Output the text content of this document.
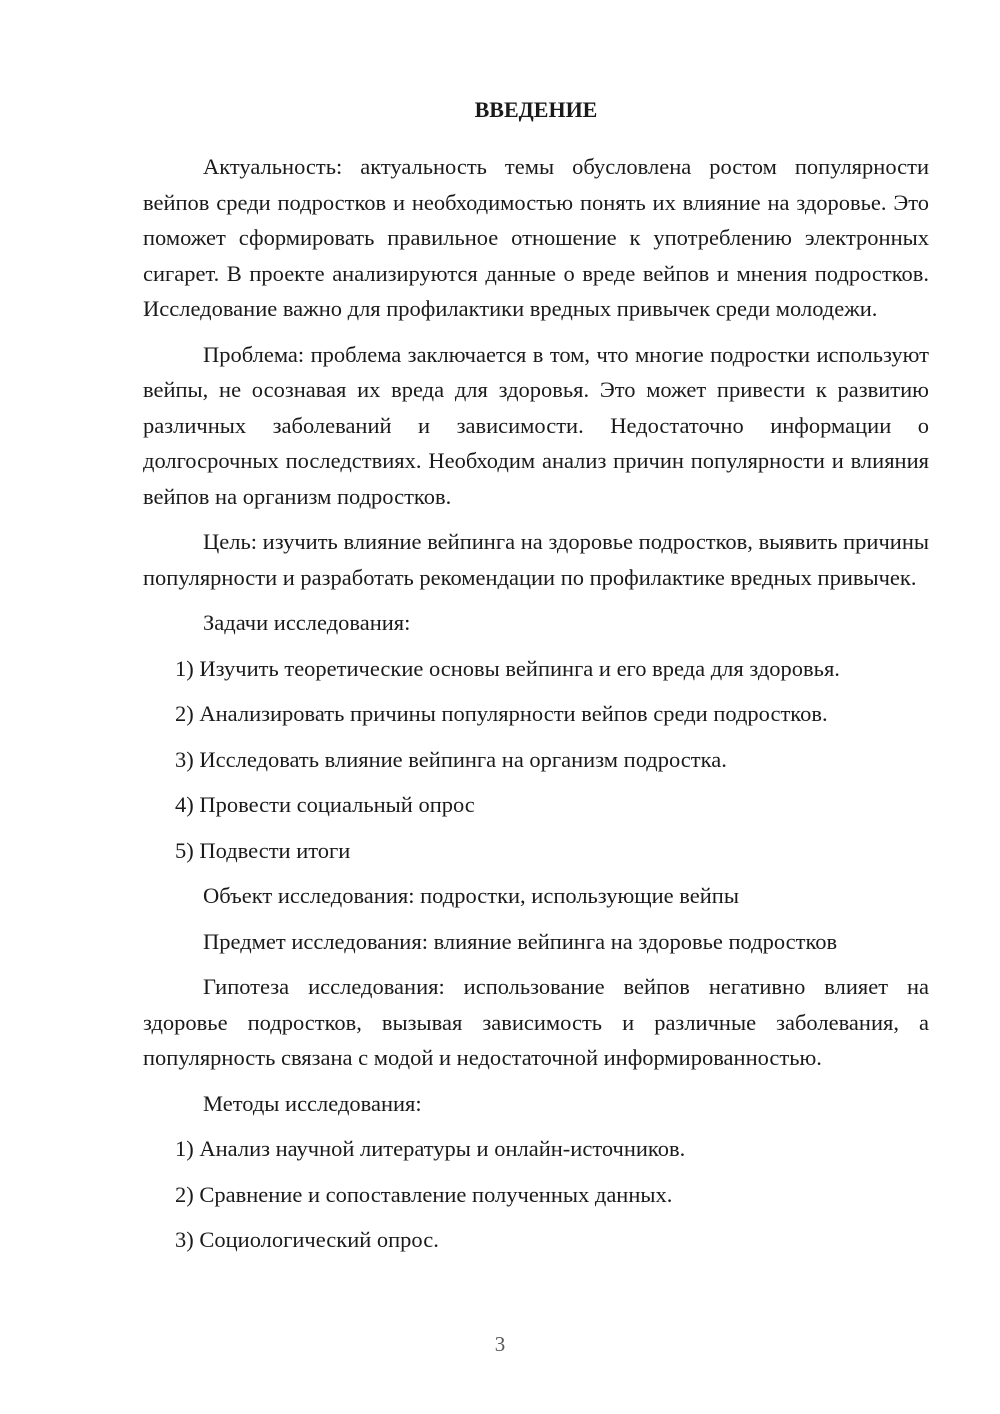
ВВЕДЕНИЕ

Актуальность: актуальность темы обусловлена ростом популярности вейпов среди подростков и необходимостью понять их влияние на здоровье. Это поможет сформировать правильное отношение к употреблению электронных сигарет. В проекте анализируются данные о вреде вейпов и мнения подростков. Исследование важно для профилактики вредных привычек среди молодежи.

Проблема: проблема заключается в том, что многие подростки используют вейпы, не осознавая их вреда для здоровья. Это может привести к развитию различных заболеваний и зависимости. Недостаточно информации о долгосрочных последствиях. Необходим анализ причин популярности и влияния вейпов на организм подростков.

Цель: изучить влияние вейпинга на здоровье подростков, выявить причины популярности и разработать рекомендации по профилактике вредных привычек.

Задачи исследования:

1) Изучить теоретические основы вейпинга и его вреда для здоровья.

2) Анализировать причины популярности вейпов среди подростков.

3) Исследовать влияние вейпинга на организм подростка.

4) Провести социальный опрос

5) Подвести итоги

Объект исследования: подростки, использующие вейпы

Предмет исследования: влияние вейпинга на здоровье подростков

Гипотеза исследования: использование вейпов негативно влияет на здоровье подростков, вызывая зависимость и различные заболевания, а популярность связана с модой и недостаточной информированностью.

Методы исследования:

1) Анализ научной литературы и онлайн-источников.

2) Сравнение и сопоставление полученных данных.

3) Социологический опрос.

3
